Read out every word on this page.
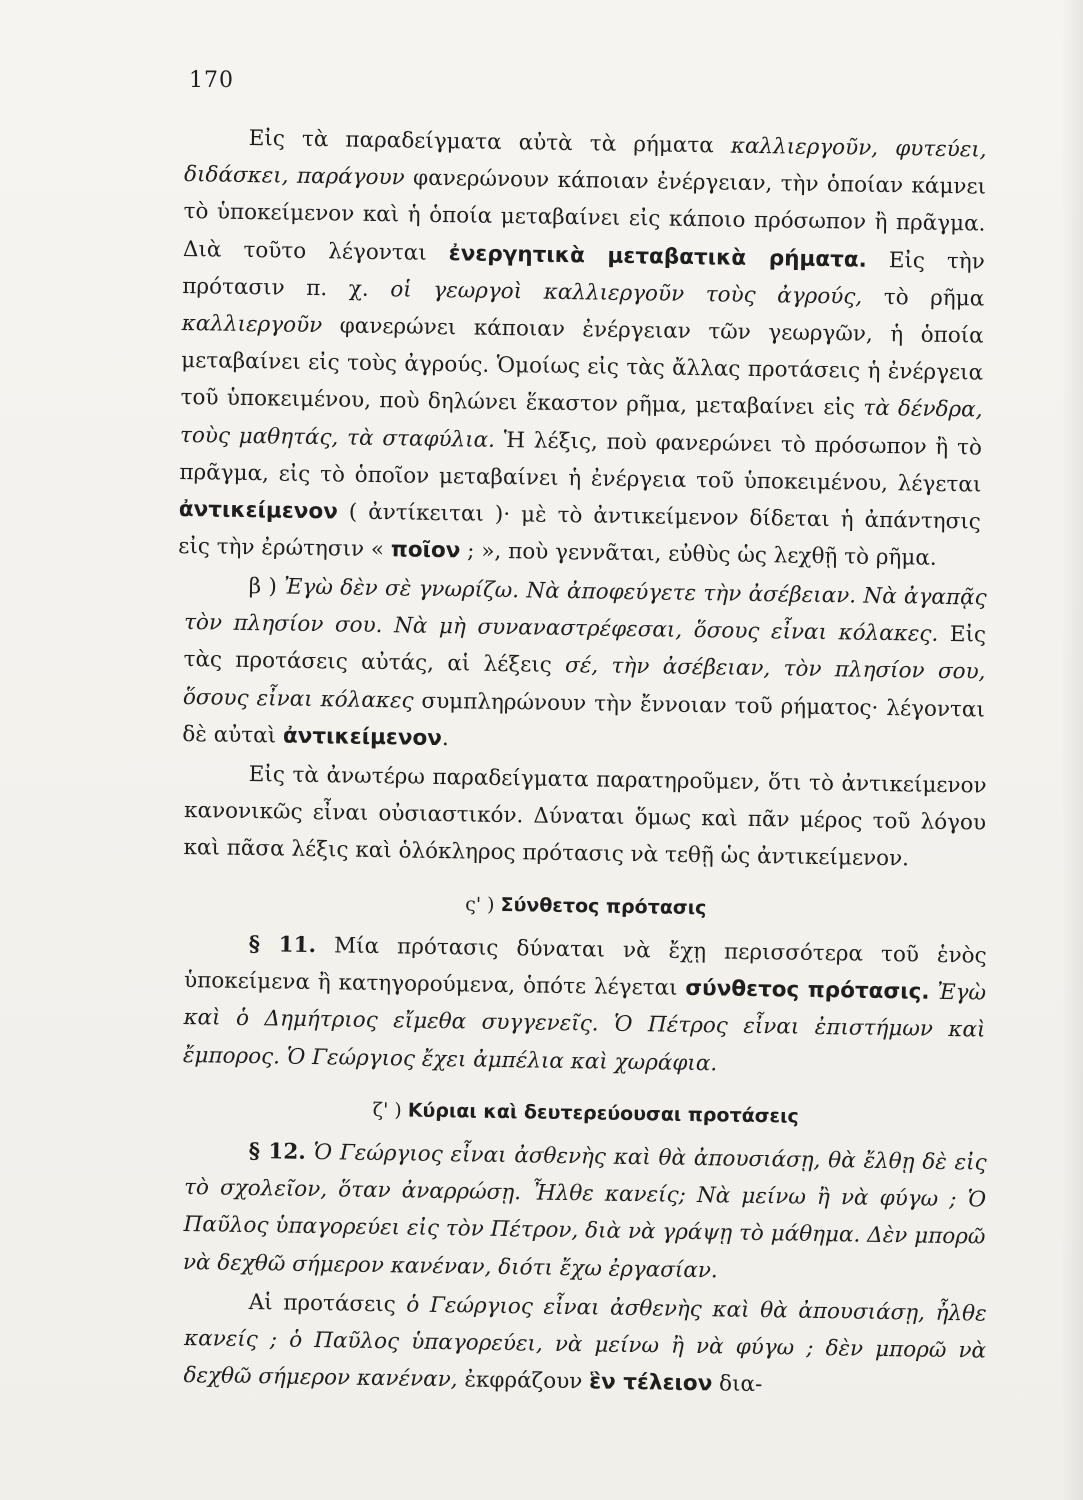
170

Εἰς τὰ παραδείγματα αὐτὰ τὰ ρήματα καλλιεργοῦν, φυτεύει, διδάσκει, παράγουν φανερώνουν κάποιαν ἐνέργειαν, τὴν ὁποίαν κάμνει τὸ ὑποκείμενον καὶ ἡ ὁποία μεταβαίνει εἰς κάποιο πρόσωπον ἢ πρᾶγμα. Διὰ τοῦτο λέγονται ἐνεργητικὰ μεταβατικὰ ρήματα. Εἰς τὴν πρότασιν π. χ. οἱ γεωργοὶ καλλιεργοῦν τοὺς ἀγρούς, τὸ ρῆμα καλλιεργοῦν φανερώνει κάποιαν ἐνέργειαν τῶν γεωργῶν, ἡ ὁποία μεταβαίνει εἰς τοὺς ἀγρούς. Ὁμοίως εἰς τὰς ἄλλας προτάσεις ἡ ἐνέργεια τοῦ ὑποκειμένου, ποὺ δηλώνει ἕκαστον ρῆμα, μεταβαίνει εἰς τὰ δένδρα, τοὺς μαθητάς, τὰ σταφύλια. Ἡ λέξις, ποὺ φανερώνει τὸ πρόσωπον ἢ τὸ πρᾶγμα, εἰς τὸ ὁποῖον μεταβαίνει ἡ ἐνέργεια τοῦ ὑποκειμένου, λέγεται ἀντικείμενον ( ἀντίκειται )· μὲ τὸ ἀντικείμενον δίδεται ἡ ἀπάντησις εἰς τὴν ἐρώτησιν « ποῖον ; », ποὺ γεννᾶται, εὐθὺς ὡς λεχθῇ τὸ ρῆμα.

β ) Ἐγὼ δὲν σὲ γνωρίζω. Νὰ ἀποφεύγετε τὴν ἀσέβειαν. Νὰ ἀγαπᾷς τὸν πλησίον σου. Νὰ μὴ συναναστρέφεσαι, ὅσους εἶναι κόλακες. Εἰς τὰς προτάσεις αὐτάς, αἱ λέξεις σέ, τὴν ἀσέβειαν, τὸν πλησίον σου, ὅσους εἶναι κόλακες συμπληρώνουν τὴν ἔννοιαν τοῦ ρήματος· λέγονται δὲ αὐταὶ ἀντικείμενον.

Εἰς τὰ ἀνωτέρω παραδείγματα παρατηροῦμεν, ὅτι τὸ ἀντικείμενον κανονικῶς εἶναι οὐσιαστικόν. Δύναται ὅμως καὶ πᾶν μέρος τοῦ λόγου καὶ πᾶσα λέξις καὶ ὁλόκληρος πρότασις νὰ τεθῇ ὡς ἀντικείμενον.

ς' ) Σύνθετος πρότασις

§ 11. Μία πρότασις δύναται νὰ ἔχῃ περισσότερα τοῦ ἑνὸς ὑποκείμενα ἢ κατηγορούμενα, ὁπότε λέγεται σύνθετος πρότασις. Ἐγὼ καὶ ὁ Δημήτριος εἴμεθα συγγενεῖς. Ὁ Πέτρος εἶναι ἐπιστήμων καὶ ἔμπορος. Ὁ Γεώργιος ἔχει ἀμπέλια καὶ χωράφια.

ζ' ) Κύριαι καὶ δευτερεύουσαι προτάσεις

§ 12. Ὁ Γεώργιος εἶναι ἀσθενὴς καὶ θὰ ἀπουσιάσῃ, θὰ ἔλθῃ δὲ εἰς τὸ σχολεῖον, ὅταν ἀναρρώσῃ. Ἦλθε κανείς; Νὰ μείνω ἢ νὰ φύγω ; Ὁ Παῦλος ὑπαγορεύει εἰς τὸν Πέτρον, διὰ νὰ γράψῃ τὸ μάθημα. Δὲν μπορῶ νὰ δεχθῶ σήμερον κανέναν, διότι ἔχω ἐργασίαν.

Αἱ προτάσεις ὁ Γεώργιος εἶναι ἀσθενὴς καὶ θὰ ἀπουσιάσῃ, ἦλθε κανείς ; ὁ Παῦλος ὑπαγορεύει, νὰ μείνω ἢ νὰ φύγω ; δὲν μπορῶ νὰ δεχθῶ σήμερον κανέναν, ἐκφράζουν ἓν τέλειον δια-
